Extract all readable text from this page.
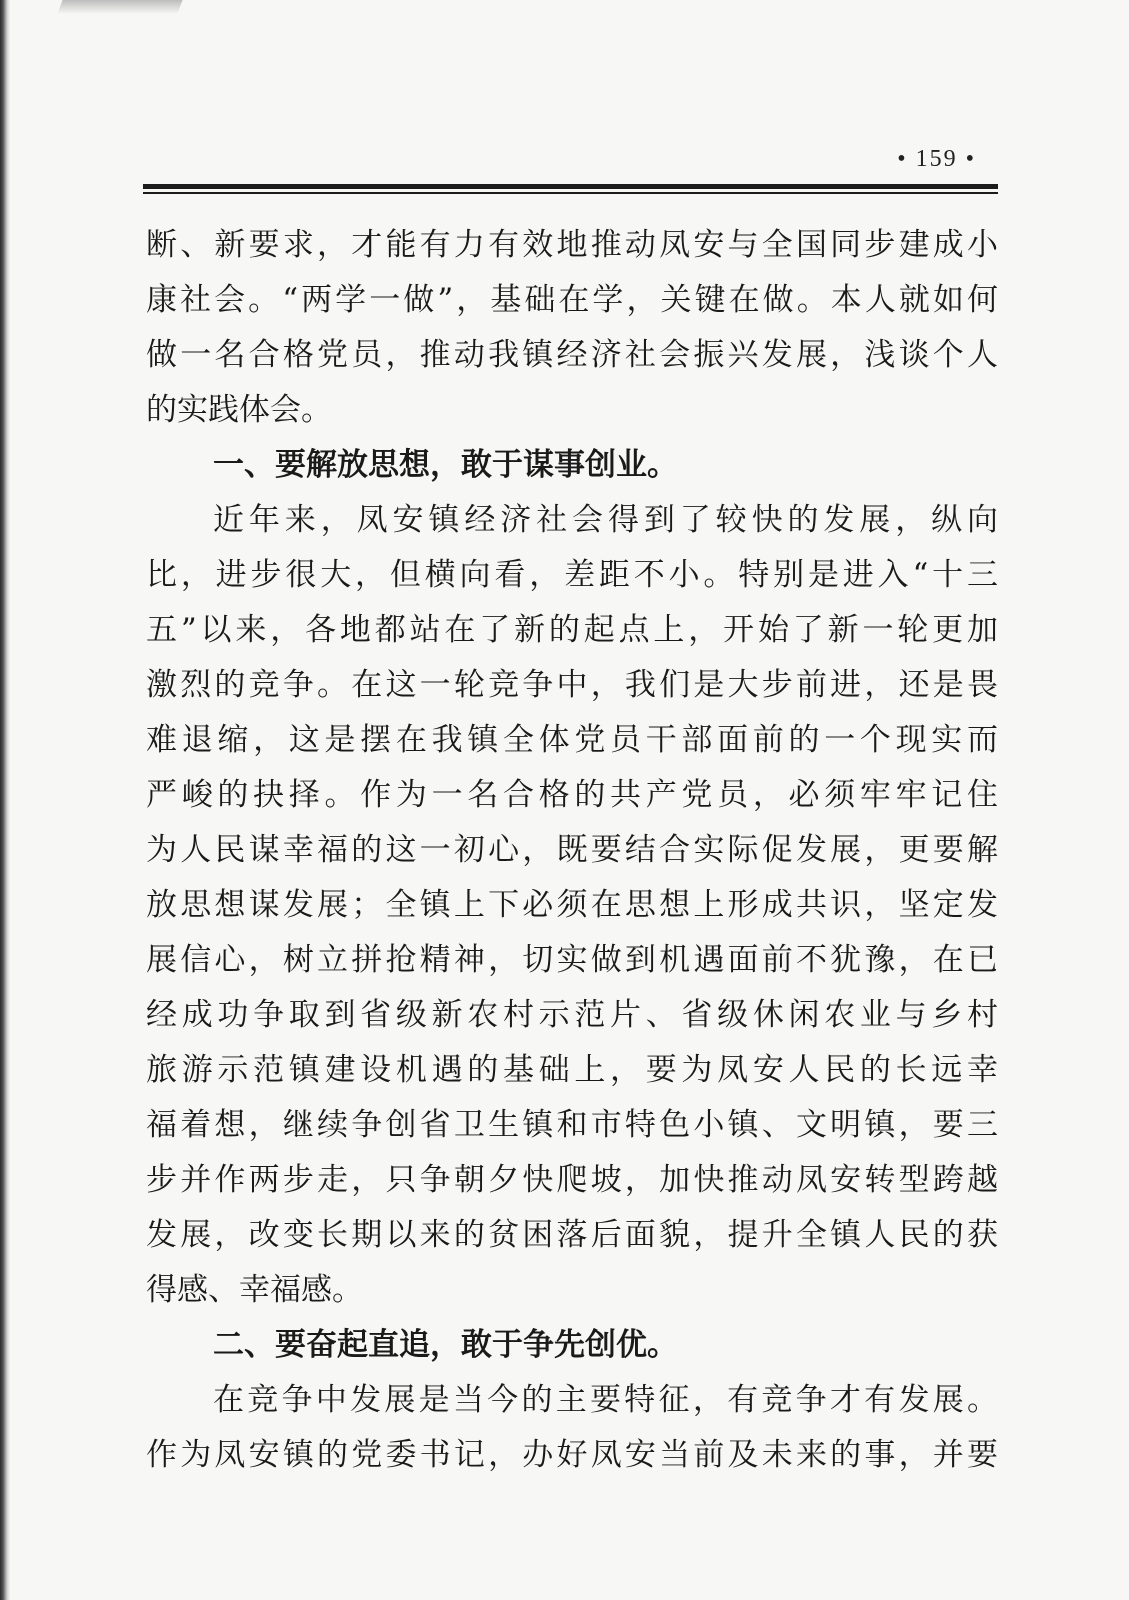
• 159 •
断、新要求，才能有力有效地推动凤安与全国同步建成小
康社会。“两学一做”，基础在学，关键在做。本人就如何
做一名合格党员，推动我镇经济社会振兴发展，浅谈个人
的实践体会。
一、要解放思想，敢于谋事创业。
近年来，凤安镇经济社会得到了较快的发展，纵向
比，进步很大，但横向看，差距不小。特别是进入“十三
五”以来，各地都站在了新的起点上，开始了新一轮更加
激烈的竞争。在这一轮竞争中，我们是大步前进，还是畏
难退缩，这是摆在我镇全体党员干部面前的一个现实而
严峻的抉择。作为一名合格的共产党员，必须牢牢记住
为人民谋幸福的这一初心，既要结合实际促发展，更要解
放思想谋发展；全镇上下必须在思想上形成共识，坚定发
展信心，树立拼抢精神，切实做到机遇面前不犹豫，在已
经成功争取到省级新农村示范片、省级休闲农业与乡村
旅游示范镇建设机遇的基础上，要为凤安人民的长远幸
福着想，继续争创省卫生镇和市特色小镇、文明镇，要三
步并作两步走，只争朝夕快爬坡，加快推动凤安转型跨越
发展，改变长期以来的贫困落后面貌，提升全镇人民的获
得感、幸福感。
二、要奋起直追，敢于争先创优。
在竞争中发展是当今的主要特征，有竞争才有发展。
作为凤安镇的党委书记，办好凤安当前及未来的事，并要
